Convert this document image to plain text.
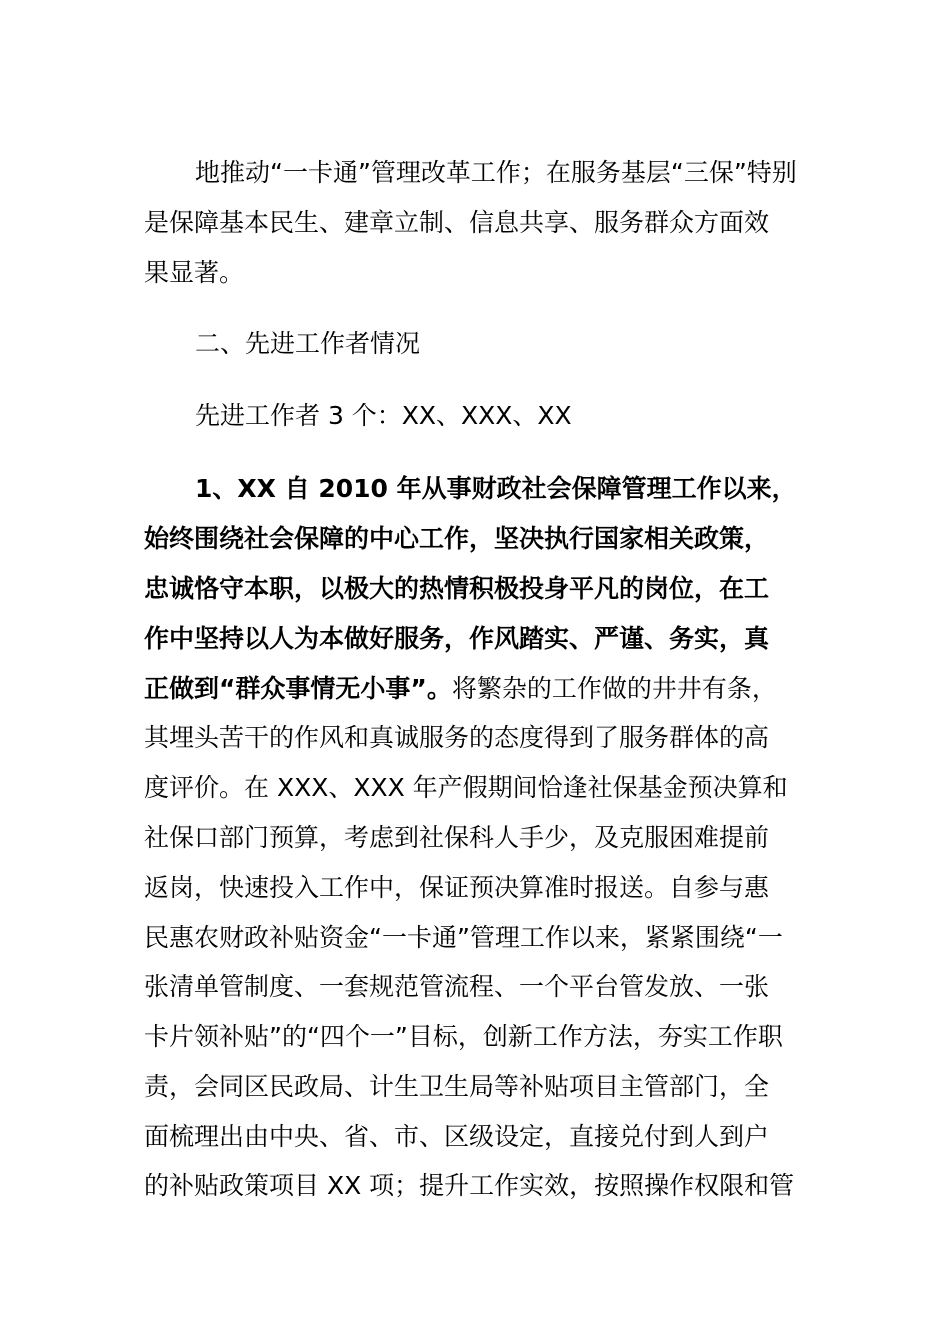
地推动“一卡通”管理改革工作；在服务基层“三保”特别
是保障基本民生、建章立制、信息共享、服务群众方面效
果显著。
二、先进工作者情况
先进工作者 3 个：XX、XXX、XX
1、XX 自 2010 年从事财政社会保障管理工作以来，
始终围绕社会保障的中心工作，坚决执行国家相关政策，
忠诚恪守本职，以极大的热情积极投身平凡的岗位，在工
作中坚持以人为本做好服务，作风踏实、严谨、务实，真
正做到“群众事情无小事”。将繁杂的工作做的井井有条，
其埋头苦干的作风和真诚服务的态度得到了服务群体的高
度评价。在 XXX、XXX 年产假期间恰逢社保基金预决算和
社保口部门预算，考虑到社保科人手少，及克服困难提前
返岗，快速投入工作中，保证预决算准时报送。自参与惠
民惠农财政补贴资金“一卡通”管理工作以来，紧紧围绕“一
张清单管制度、一套规范管流程、一个平台管发放、一张
卡片领补贴”的“四个一”目标，创新工作方法，夯实工作职
责，会同区民政局、计生卫生局等补贴项目主管部门，全
面梳理出由中央、省、市、区级设定，直接兑付到人到户
的补贴政策项目 XX 项；提升工作实效，按照操作权限和管
